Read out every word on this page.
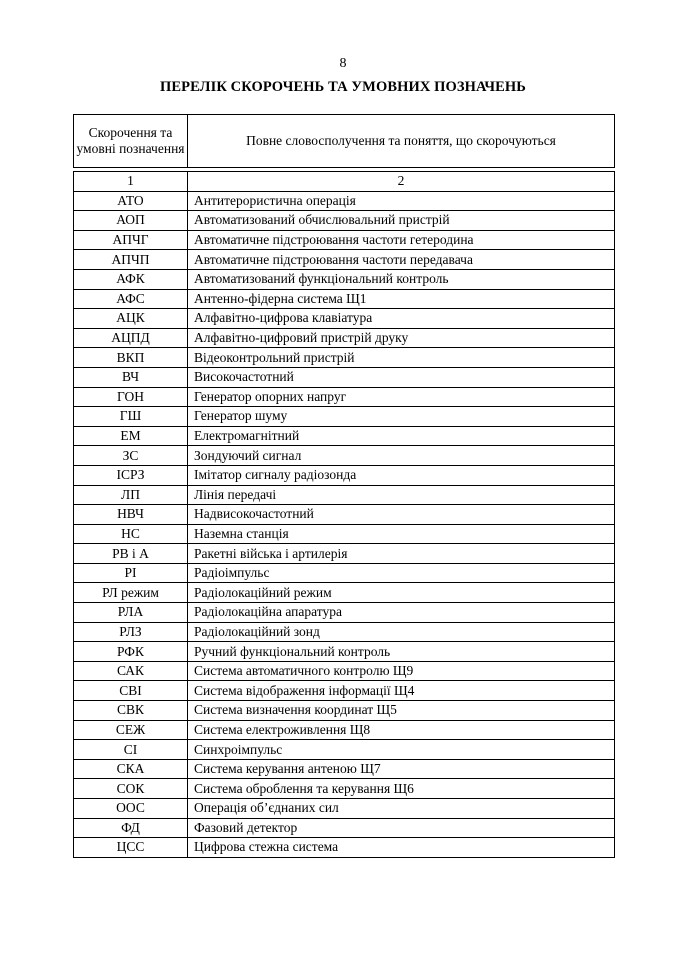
8
ПЕРЕЛІК СКОРОЧЕНЬ ТА УМОВНИХ ПОЗНАЧЕНЬ
Скорочення та умовні позначення	Повне словосполучення та поняття, що скорочуються
1	2
АТО	Антитерористична операція
АОП	Автоматизований обчислювальний пристрій
АПЧГ	Автоматичне підстроювання частоти гетеродина
АПЧП	Автоматичне підстроювання частоти передавача
АФК	Автоматизований функціональний контроль
АФС	Антенно-фідерна система Щ1
АЦК	Алфавітно-цифрова клавіатура
АЦПД	Алфавітно-цифровий пристрій друку
ВКП	Відеоконтрольний пристрій
ВЧ	Високочастотний
ГОН	Генератор опорних напруг
ГШ	Генератор шуму
ЕМ	Електромагнітний
ЗС	Зондуючий сигнал
ІСРЗ	Імітатор сигналу радіозонда
ЛП	Лінія передачі
НВЧ	Надвисокочастотний
НС	Наземна станція
РВ і А	Ракетні війська і артилерія
РІ	Радіоімпульс
РЛ режим	Радіолокаційний режим
РЛА	Радіолокаційна апаратура
РЛЗ	Радіолокаційний зонд
РФК	Ручний функціональний контроль
САК	Система автоматичного контролю Щ9
СВІ	Система відображення інформації Щ4
СВК	Система визначення координат Щ5
СЕЖ	Система електроживлення Щ8
СІ	Синхроімпульс
СКА	Система керування антеною Щ7
СОК	Система оброблення та керування Щ6
ООС	Операція об’єднаних сил
ФД	Фазовий детектор
ЦСС	Цифрова стежна система
